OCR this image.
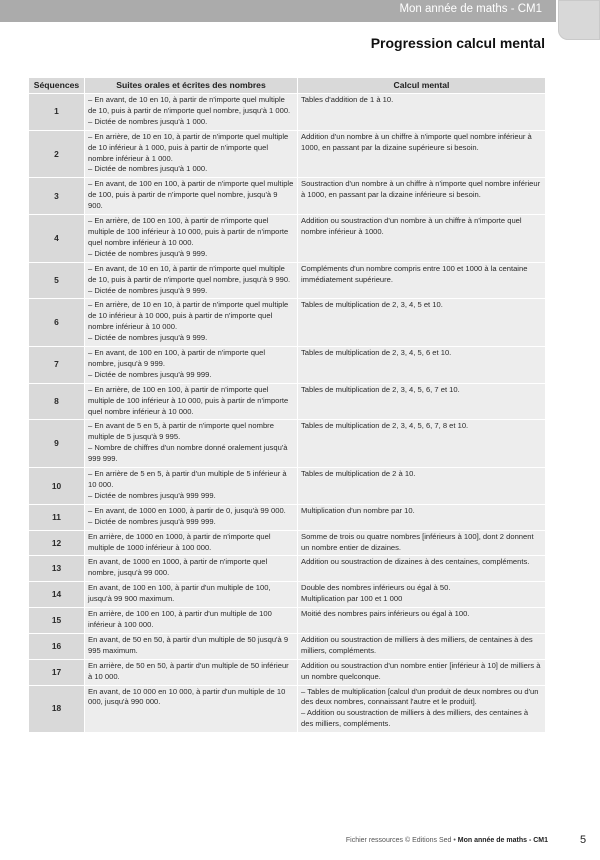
Mon année de maths - CM1
Progression calcul mental
Séquences	Suites orales et écrites des nombres	Calcul mental
1	– En avant, de 10 en 10, à partir de n'importe quel multiple de 10, puis à partir de n'importe quel nombre, jusqu'à 1 000.
– Dictée de nombres jusqu'à 1 000.	Tables d'addition de 1 à 10.

2	– En arrière, de 10 en 10, à partir de n'importe quel multiple de 10 inférieur à 1 000, puis à partir de n'importe quel nombre inférieur à 1 000.
– Dictée de nombres jusqu'à 1 000.	Addition d'un nombre à un chiffre à n'importe quel nombre inférieur à 1000, en passant par la dizaine supérieure si besoin.

3	– En avant, de 100 en 100, à partir de n'importe quel multiple de 100, puis à partir de n'importe quel nombre, jusqu'à 9 900.	Soustraction d'un nombre à un chiffre à n'importe quel nombre inférieur à 1000, en passant par la dizaine inférieure si besoin.

4	– En arrière, de 100 en 100, à partir de n'importe quel multiple de 100 inférieur à 10 000, puis à partir de n'importe quel nombre inférieur à 10 000.
– Dictée de nombres jusqu'à 9 999.	Addition ou soustraction d'un nombre à un chiffre à n'importe quel nombre inférieur à 1000.

5	– En avant, de 10 en 10, à partir de n'importe quel multiple de 10, puis à partir de n'importe quel nombre, jusqu'à 9 990.
– Dictée de nombres jusqu'à 9 999.	Compléments d'un nombre compris entre 100 et 1000 à la centaine immédiatement supérieure.

6	– En arrière, de 10 en 10, à partir de n'importe quel multiple de 10 inférieur à 10 000, puis à partir de n'importe quel nombre inférieur à 10 000.
– Dictée de nombres jusqu'à 9 999.	Tables de multiplication de 2, 3, 4, 5 et 10.

7	– En avant, de 100 en 100, à partir de n'importe quel nombre, jusqu'à 9 999.
– Dictée de nombres jusqu'à 99 999.	Tables de multiplication de 2, 3, 4, 5, 6 et 10.

8	– En arrière, de 100 en 100, à partir de n'importe quel multiple de 100 inférieur à 10 000, puis à partir de n'importe quel nombre inférieur à 10 000.	Tables de multiplication de 2, 3, 4, 5, 6, 7 et 10.

9	– En avant de 5 en 5, à partir de n'importe quel nombre multiple de 5 jusqu'à 9 995.
– Nombre de chiffres d'un nombre donné oralement jusqu'à 999 999.	Tables de multiplication de 2, 3, 4, 5, 6, 7, 8 et 10.

10	– En arrière de 5 en 5, à partir d'un multiple de 5 inférieur à 10 000.
– Dictée de nombres jusqu'à 999 999.	Tables de multiplication de 2 à 10.

11	– En avant, de 1000 en 1000, à partir de 0, jusqu'à 99 000.
– Dictée de nombres jusqu'à 999 999.	Multiplication d'un nombre par 10.

12	En arrière, de 1000 en 1000, à partir de n'importe quel multiple de 1000 inférieur à 100 000.	Somme de trois ou quatre nombres [inférieurs à 100], dont 2 donnent un nombre entier de dizaines.

13	En avant, de 1000 en 1000, à partir de n'importe quel nombre, jusqu'à 99 000.	Addition ou soustraction de dizaines à des centaines, compléments.

14	En avant, de 100 en 100, à partir d'un multiple de 100, jusqu'à 99 900 maximum.	Double des nombres inférieurs ou égal à 50.
Multiplication par 100 et 1 000

15	En arrière, de 100 en 100, à partir d'un multiple de 100 inférieur à 100 000.	Moitié des nombres pairs inférieurs ou égal à 100.

16	En avant, de 50 en 50, à partir d'un multiple de 50 jusqu'à 9 995 maximum.	Addition ou soustraction de milliers à des milliers, de centaines à des milliers, compléments.

17	En arrière, de 50 en 50, à partir d'un multiple de 50 inférieur à 10 000.	Addition ou soustraction d'un nombre entier [inférieur à 10] de milliers à un nombre quelconque.

18	En avant, de 10 000 en 10 000, à partir d'un multiple de 10 000, jusqu'à 990 000.	– Tables de multiplication [calcul d'un produit de deux nombres ou d'un des deux nombres, connaissant l'autre et le produit].
– Addition ou soustraction de milliers à des milliers, des centaines à des milliers, compléments.
Fichier ressources © Editions Sed • Mon année de maths - CM1	5
